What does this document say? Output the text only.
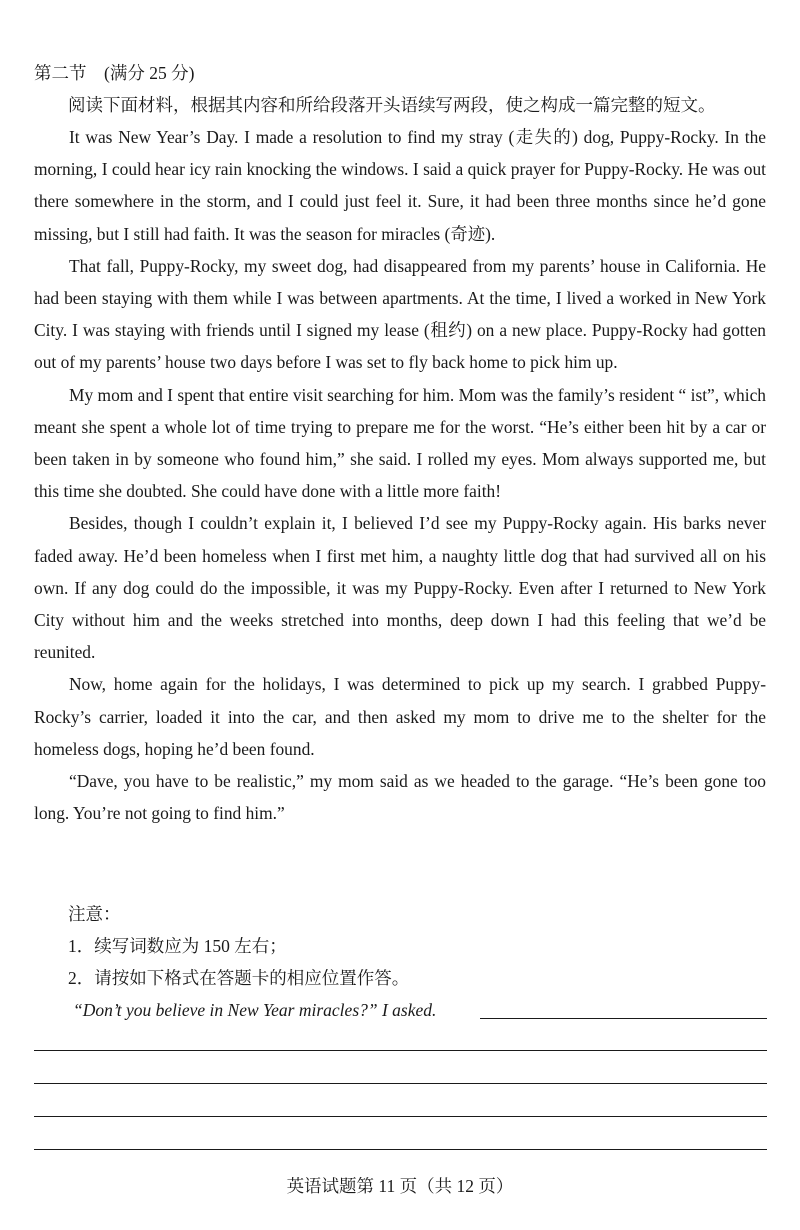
第二节　(满分 25 分)
阅读下面材料，根据其内容和所给段落开头语续写两段，使之构成一篇完整的短文。

It was New Year’s Day. I made a resolution to find my stray (走失的) dog, Puppy-Rocky. In the morning, I could hear icy rain knocking the windows. I said a quick prayer for Puppy-Rocky. He was out there somewhere in the storm, and I could just feel it. Sure, it had been three months since he’d gone missing, but I still had faith. It was the season for miracles (奇迹).

That fall, Puppy-Rocky, my sweet dog, had disappeared from my parents’ house in California. He had been staying with them while I was between apartments. At the time, I lived a worked in New York City. I was staying with friends until I signed my lease (租约) on a new place. Puppy-Rocky had gotten out of my parents’ house two days before I was set to fly back home to pick him up.

My mom and I spent that entire visit searching for him. Mom was the family’s resident “ ist”, which meant she spent a whole lot of time trying to prepare me for the worst. “He’s either been hit by a car or been taken in by someone who found him,” she said. I rolled my eyes. Mom always supported me, but this time she doubted. She could have done with a little more faith!

Besides, though I couldn’t explain it, I believed I’d see my Puppy-Rocky again. His barks never faded away. He’d been homeless when I first met him, a naughty little dog that had survived all on his own. If any dog could do the impossible, it was my Puppy-Rocky. Even after I returned to New York City without him and the weeks stretched into months, deep down I had this feeling that we’d be reunited.

Now, home again for the holidays, I was determined to pick up my search. I grabbed Puppy-Rocky’s carrier, loaded it into the car, and then asked my mom to drive me to the shelter for the homeless dogs, hoping he’d been found.

“Dave, you have to be realistic,” my mom said as we headed to the garage. “He’s been gone too long. You’re not going to find him.”

注意：
1．续写词数应为 150 左右；
2．请按如下格式在答题卡的相应位置作答。
“Don’t you believe in New Year miracles?” I asked.
英语试题第 11 页（共 12 页）
